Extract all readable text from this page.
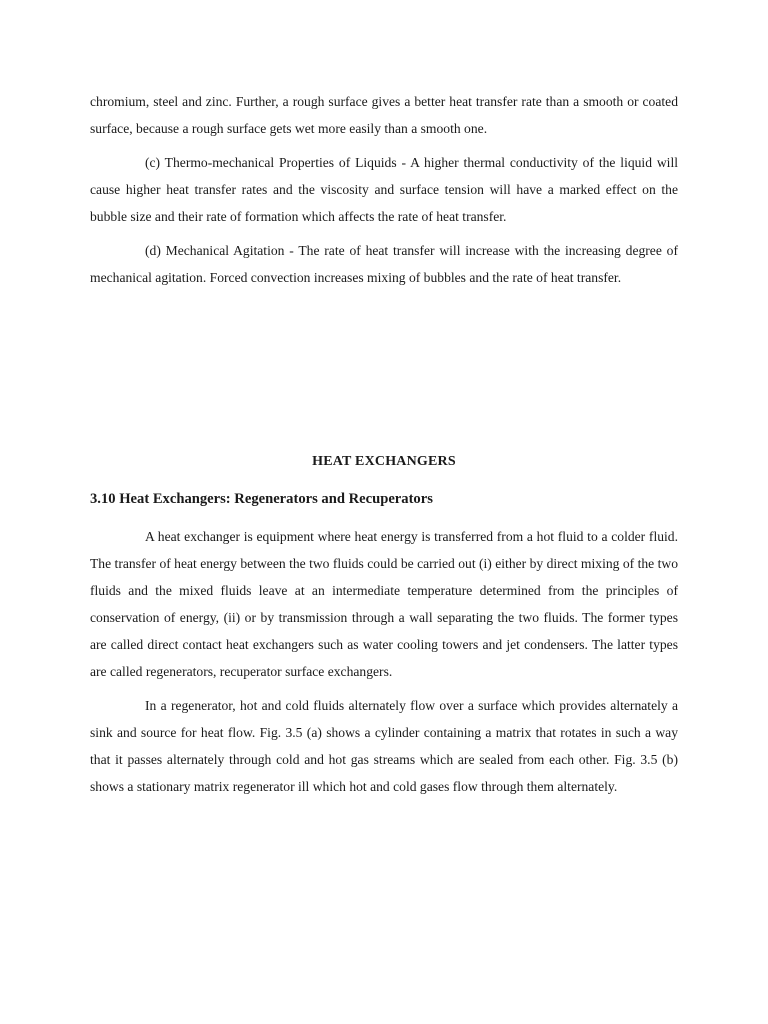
chromium, steel and zinc. Further, a rough surface gives a better heat transfer rate than a smooth or coated surface, because a rough surface gets wet more easily than a smooth one.

(c) Thermo-mechanical Properties of Liquids - A higher thermal conductivity of the liquid will cause higher heat transfer rates and the viscosity and surface tension will have a marked effect on the bubble size and their rate of formation which affects the rate of heat transfer.

(d) Mechanical Agitation - The rate of heat transfer will increase with the increasing degree of mechanical agitation. Forced convection increases mixing of bubbles and the rate of heat transfer.

HEAT EXCHANGERS
3.10 Heat Exchangers: Regenerators and Recuperators

A heat exchanger is equipment where heat energy is transferred from a hot fluid to a colder fluid. The transfer of heat energy between the two fluids could be carried out (i) either by direct mixing of the two fluids and the mixed fluids leave at an intermediate temperature determined from the principles of conservation of energy, (ii) or by transmission through a wall separating the two fluids. The former types are called direct contact heat exchangers such as water cooling towers and jet condensers. The latter types are called regenerators, recuperator surface exchangers.

In a regenerator, hot and cold fluids alternately flow over a surface which provides alternately a sink and source for heat flow. Fig. 3.5 (a) shows a cylinder containing a matrix that rotates in such a way that it passes alternately through cold and hot gas streams which are sealed from each other. Fig. 3.5 (b) shows a stationary matrix regenerator ill which hot and cold gases flow through them alternately.
